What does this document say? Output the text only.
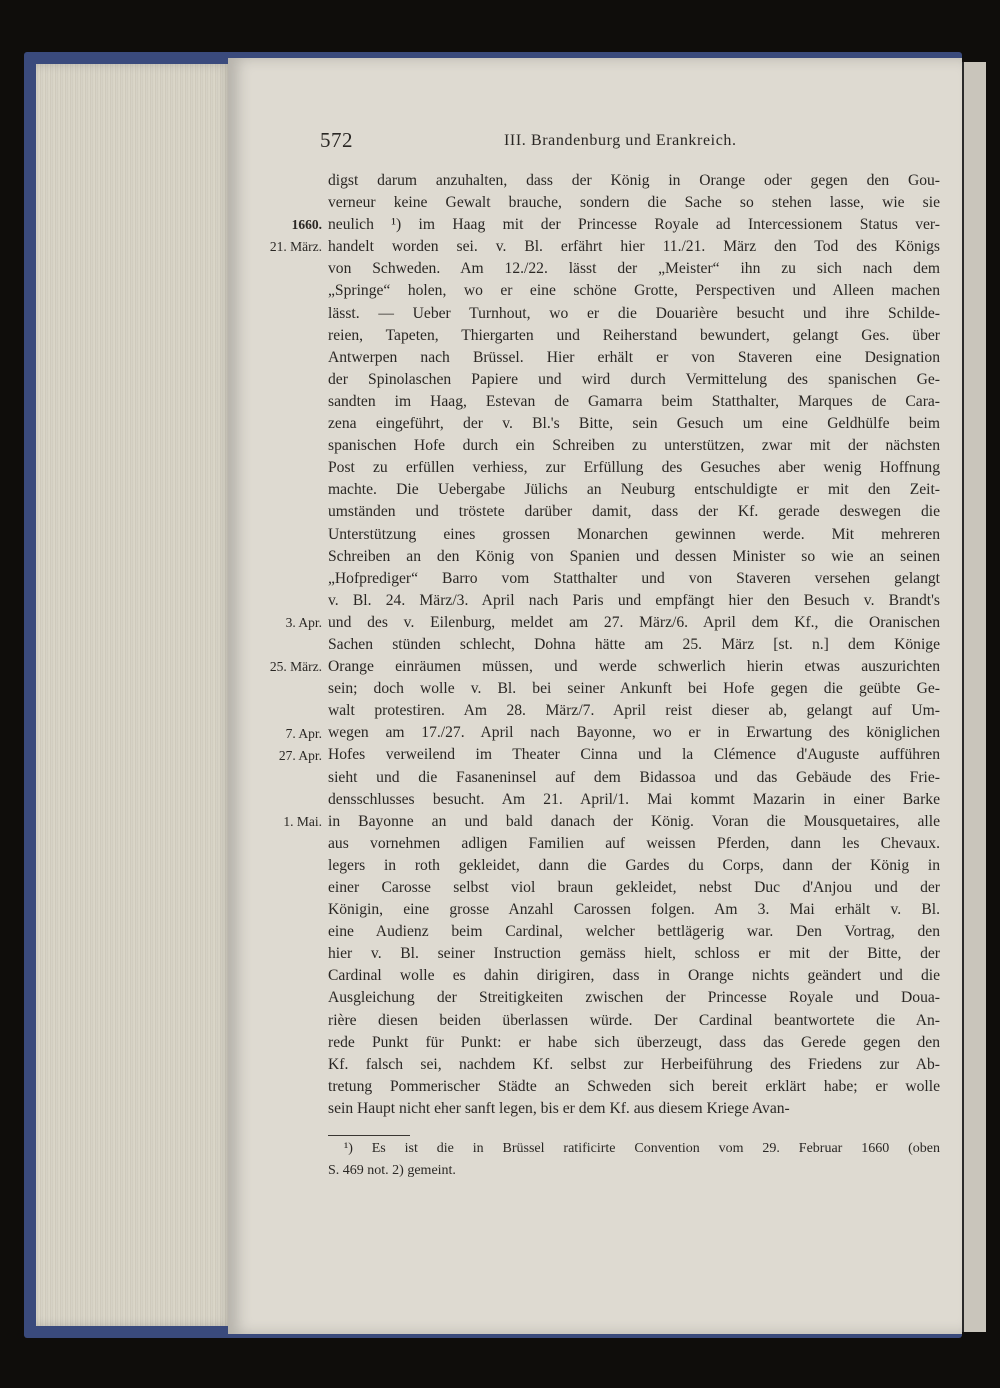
572	III. Brandenburg und Erankreich.
1660.
21. März.
3. Apr.
25. März.
7. Apr.
27. Apr.
1. Mai.
digst darum anzuhalten, dass der König in Orange oder gegen den Gou-
verneur keine Gewalt brauche, sondern die Sache so stehen lasse, wie sie
neulich ¹) im Haag mit der Princesse Royale ad Intercessionem Status ver-
handelt worden sei. v. Bl. erfährt hier 11./21. März den Tod des Königs
von Schweden. Am 12./22. lässt der „Meister“ ihn zu sich nach dem
„Springe“ holen, wo er eine schöne Grotte, Perspectiven und Alleen machen
lässt. — Ueber Turnhout, wo er die Douarière besucht und ihre Schilde-
reien, Tapeten, Thiergarten und Reiherstand bewundert, gelangt Ges. über
Antwerpen nach Brüssel. Hier erhält er von Staveren eine Designation
der Spinolaschen Papiere und wird durch Vermittelung des spanischen Ge-
sandten im Haag, Estevan de Gamarra beim Statthalter, Marques de Cara-
zena eingeführt, der v. Bl.'s Bitte, sein Gesuch um eine Geldhülfe beim
spanischen Hofe durch ein Schreiben zu unterstützen, zwar mit der nächsten
Post zu erfüllen verhiess, zur Erfüllung des Gesuches aber wenig Hoffnung
machte. Die Uebergabe Jülichs an Neuburg entschuldigte er mit den Zeit-
umständen und tröstete darüber damit, dass der Kf. gerade deswegen die
Unterstützung eines grossen Monarchen gewinnen werde. Mit mehreren
Schreiben an den König von Spanien und dessen Minister so wie an seinen
„Hofprediger“ Barro vom Statthalter und von Staveren versehen gelangt
v. Bl. 24. März/3. April nach Paris und empfängt hier den Besuch v. Brandt's
und des v. Eilenburg, meldet am 27. März/6. April dem Kf., die Oranischen
Sachen stünden schlecht, Dohna hätte am 25. März [st. n.] dem Könige
Orange einräumen müssen, und werde schwerlich hierin etwas auszurichten
sein; doch wolle v. Bl. bei seiner Ankunft bei Hofe gegen die geübte Ge-
walt protestiren. Am 28. März/7. April reist dieser ab, gelangt auf Um-
wegen am 17./27. April nach Bayonne, wo er in Erwartung des königlichen
Hofes verweilend im Theater Cinna und la Clémence d'Auguste aufführen
sieht und die Fasaneninsel auf dem Bidassoa und das Gebäude des Frie-
densschlusses besucht. Am 21. April/1. Mai kommt Mazarin in einer Barke
in Bayonne an und bald danach der König. Voran die Mousquetaires, alle
aus vornehmen adligen Familien auf weissen Pferden, dann les Chevaux.
legers in roth gekleidet, dann die Gardes du Corps, dann der König in
einer Carosse selbst viol braun gekleidet, nebst Duc d'Anjou und der
Königin, eine grosse Anzahl Carossen folgen. Am 3. Mai erhält v. Bl.
eine Audienz beim Cardinal, welcher bettlägerig war. Den Vortrag, den
hier v. Bl. seiner Instruction gemäss hielt, schloss er mit der Bitte, der
Cardinal wolle es dahin dirigiren, dass in Orange nichts geändert und die
Ausgleichung der Streitigkeiten zwischen der Princesse Royale und Doua-
rière diesen beiden überlassen würde. Der Cardinal beantwortete die An-
rede Punkt für Punkt: er habe sich überzeugt, dass das Gerede gegen den
Kf. falsch sei, nachdem Kf. selbst zur Herbeiführung des Friedens zur Ab-
tretung Pommerischer Städte an Schweden sich bereit erklärt habe; er wolle
sein Haupt nicht eher sanft legen, bis er dem Kf. aus diesem Kriege Avan-
¹) Es ist die in Brüssel ratificirte Convention vom 29. Februar 1660 (oben
S. 469 not. 2) gemeint.
